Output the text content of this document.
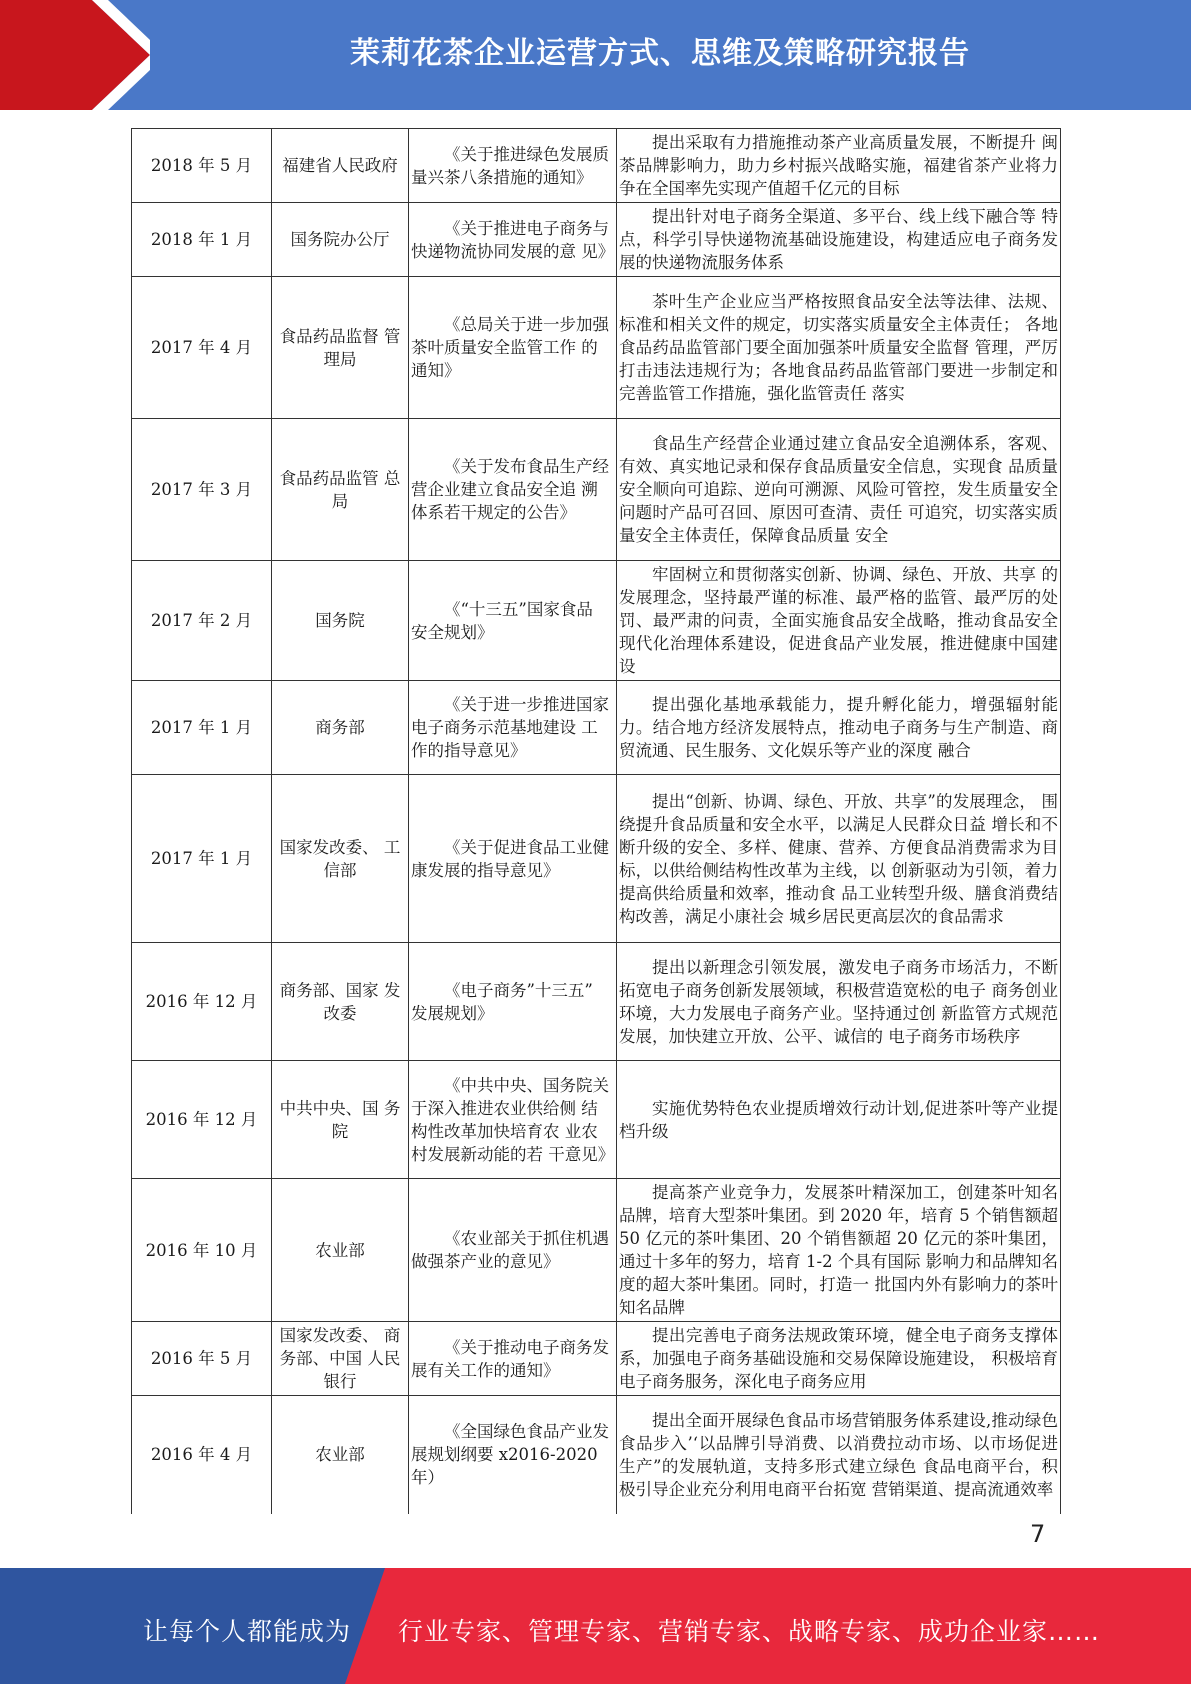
茉莉花茶企业运营方式、思维及策略研究报告
2018 年 5 月	福建省人民政府	《关于推进绿色发展质 量兴茶八条措施的通知》	提出采取有力措施推动茶产业高质量发展，不断提升 闽茶品牌影响力，助力乡村振兴战略实施，福建省茶产业将力争在全国率先实现产值超千亿元的目标
2018 年 1 月	国务院办公厅	《关于推进电子商务与 快递物流协同发展的意 见》	提出针对电子商务全渠道、多平台、线上线下融合等 特点，科学引导快递物流基础设施建设，构建适应电子商务发展的快递物流服务体系
2017 年 4 月	食品药品监督 管理局	《总局关于进一步加强 茶叶质量安全监管工作 的通知》	茶叶生产企业应当严格按照食品安全法等法律、法规、 标准和相关文件的规定，切实落实质量安全主体责任； 各地食品药品监管部门要全面加强茶叶质量安全监督 管理，严厉打击违法违规行为；各地食品药品监管部门要进一步制定和完善监管工作措施，强化监管责任 落实
2017 年 3 月	食品药品监管 总局	《关于发布食品生产经 营企业建立食品安全追 溯体系若干规定的公告》	食品生产经营企业通过建立食品安全追溯体系，客观、 有效、真实地记录和保存食品质量安全信息，实现食 品质量安全顺向可追踪、逆向可溯源、风险可管控，发生质量安全问题时产品可召回、原因可查清、责任 可追究，切实落实质量安全主体责任，保障食品质量 安全
2017 年 2 月	国务院	《“十三五”国家食品 安全规划》	牢固树立和贯彻落实创新、协调、绿色、开放、共享 的发展理念，坚持最严谨的标准、最严格的监管、最严厉的处罚、最严肃的问责，全面实施食品安全战略，推动食品安全现代化治理体系建设，促进食品产业发展，推进健康中国建设
2017 年 1 月	商务部	《关于进一步推进国家 电子商务示范基地建设 工作的指导意见》	提出强化基地承载能力，提升孵化能力，增强辐射能 力。结合地方经济发展特点，推动电子商务与生产制造、商贸流通、民生服务、文化娱乐等产业的深度 融合
2017 年 1 月	国家发改委、 工信部	《关于促进食品工业健 康发展的指导意见》	提出“创新、协调、绿色、开放、共享”的发展理念， 围绕提升食品质量和安全水平，以满足人民群众日益 增长和不断升级的安全、多样、健康、营养、方便食品消费需求为目标，以供给侧结构性改革为主线，以 创新驱动为引领，着力提高供给质量和效率，推动食 品工业转型升级、膳食消费结构改善，满足小康社会 城乡居民更高层次的食品需求
2016 年 12 月	商务部、国家 发改委	《电子商务”十三五” 发展规划》	提出以新理念引领发展，激发电子商务市场活力，不断拓宽电子商务创新发展领域，积极营造宽松的电子 商务创业环境，大力发展电子商务产业。坚持通过创 新监管方式规范发展，加快建立开放、公平、诚信的 电子商务市场秩序
2016 年 12 月	中共中央、国 务院	《中共中央、国务院关 于深入推进农业供给侧 结构性改革加快培育农 业农村发展新动能的若 干意见》	实施优势特色农业提质增效行动计划,促进茶叶等产业提档升级
2016 年 10 月	农业部	《农业部关于抓住机遇 做强茶产业的意见》	提高茶产业竞争力，发展茶叶精深加工，创建茶叶知名品牌，培育大型茶叶集团。到 2020 年，培育 5 个销售额超 50 亿元的茶叶集团、20 个销售额超 20 亿元的茶叶集团，通过十多年的努力，培育 1-2 个具有国际 影响力和品牌知名度的超大茶叶集团。同时，打造一 批国内外有影响力的茶叶知名品牌
2016 年 5 月	国家发改委、 商务部、中国 人民银行	《关于推动电子商务发 展有关工作的通知》	提出完善电子商务法规政策环境，健全电子商务支撑体系，加强电子商务基础设施和交易保障设施建设， 积极培育电子商务服务，深化电子商务应用
2016 年 4 月	农业部	《全国绿色食品产业发 展规划纲要 x2016-2020 年）	提出全面开展绿色食品市场营销服务体系建设,推动绿色食品步入’‘以品牌引导消费、以消费拉动市场、以市场促进生产”的发展轨道，支持多形式建立绿色 食品电商平台，积极引导企业充分利用电商平台拓宽 营销渠道、提高流通效率
7
让每个人都能成为 行业专家、管理专家、营销专家、战略专家、成功企业家……
